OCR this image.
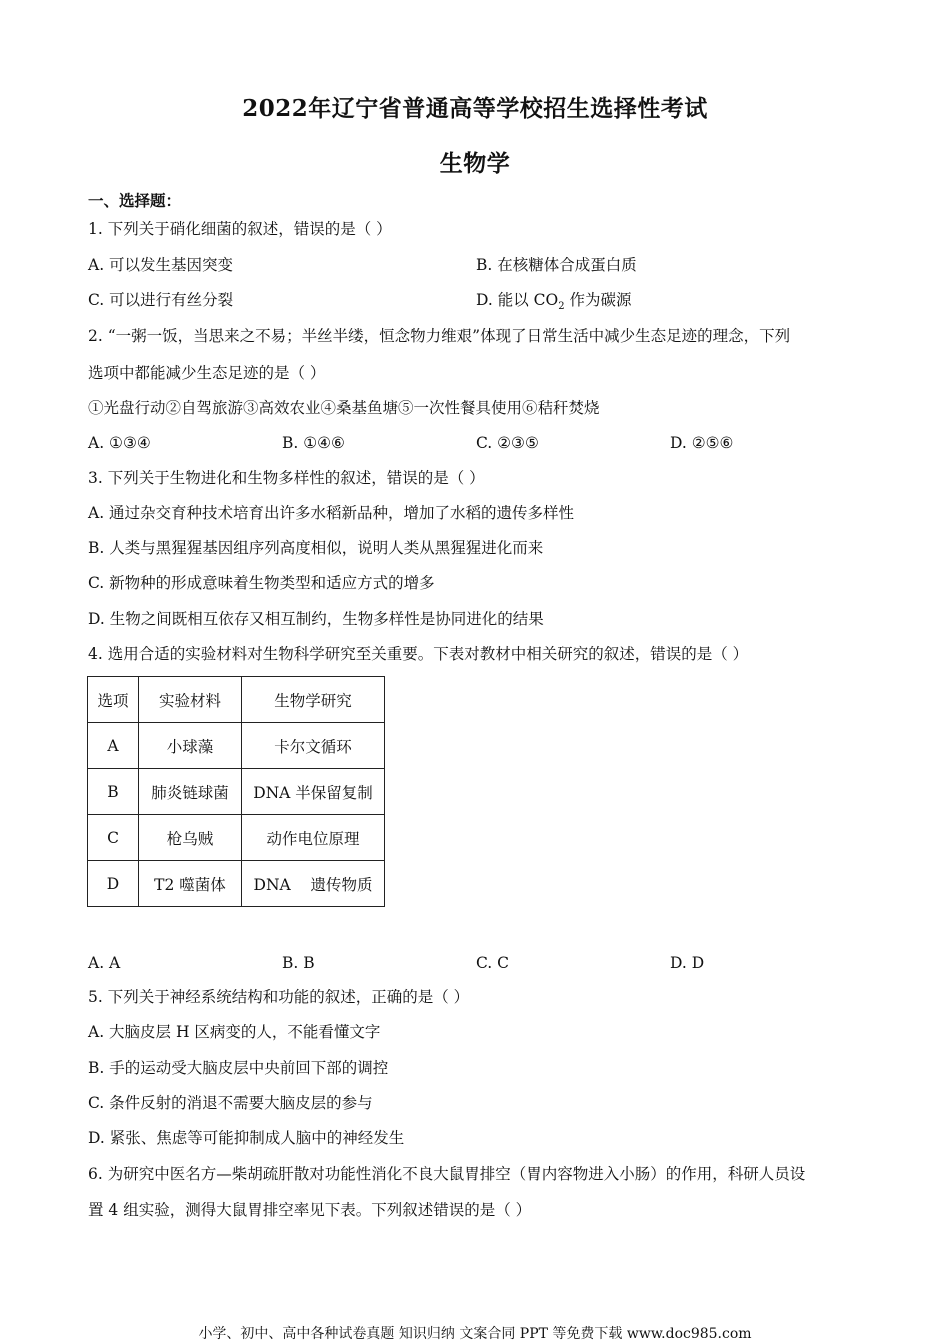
2022年辽宁省普通高等学校招生选择性考试
生物学
一、选择题：
1. 下列关于硝化细菌的叙述，错误的是（ ）
A. 可以发生基因突变	B. 在核糖体合成蛋白质
C. 可以进行有丝分裂	D. 能以 $CO_2$ 作为碳源
2. “一粥一饭，当思来之不易；半丝半缕，恒念物力维艰”体现了日常生活中减少生态足迹的理念，下列
选项中都能减少生态足迹的是（ ）
①光盘行动②自驾旅游③高效农业④桑基鱼塘⑤一次性餐具使用⑥秸秆焚烧
A. ①③④	B. ①④⑥	C. ②③⑤	D. ②⑤⑥
3. 下列关于生物进化和生物多样性的叙述，错误的是（ ）
A. 通过杂交育种技术培育出许多水稻新品种，增加了水稻的遗传多样性
B. 人类与黑猩猩基因组序列高度相似，说明人类从黑猩猩进化而来
C. 新物种的形成意味着生物类型和适应方式的增多
D. 生物之间既相互依存又相互制约，生物多样性是协同进化的结果
4. 选用合适的实验材料对生物科学研究至关重要。下表对教材中相关研究的叙述，错误的是（ ）
选项	实验材料	生物学研究
A	小球藻	卡尔文循环
B	肺炎链球菌	DNA 半保留复制
C	枪乌贼	动作电位原理
D	T2 噬菌体	DNA    遗传物质
A. A	B. B	C. C	D. D
5. 下列关于神经系统结构和功能的叙述，正确的是（ ）
A. 大脑皮层 H 区病变的人，不能看懂文字
B. 手的运动受大脑皮层中央前回下部的调控
C. 条件反射的消退不需要大脑皮层的参与
D. 紧张、焦虑等可能抑制成人脑中的神经发生
6. 为研究中医名方—柴胡疏肝散对功能性消化不良大鼠胃排空（胃内容物进入小肠）的作用，科研人员设
置 4 组实验，测得大鼠胃排空率见下表。下列叙述错误的是（ ）
小学、初中、高中各种试卷真题 知识归纳 文案合同 PPT 等免费下载 www.doc985.com
